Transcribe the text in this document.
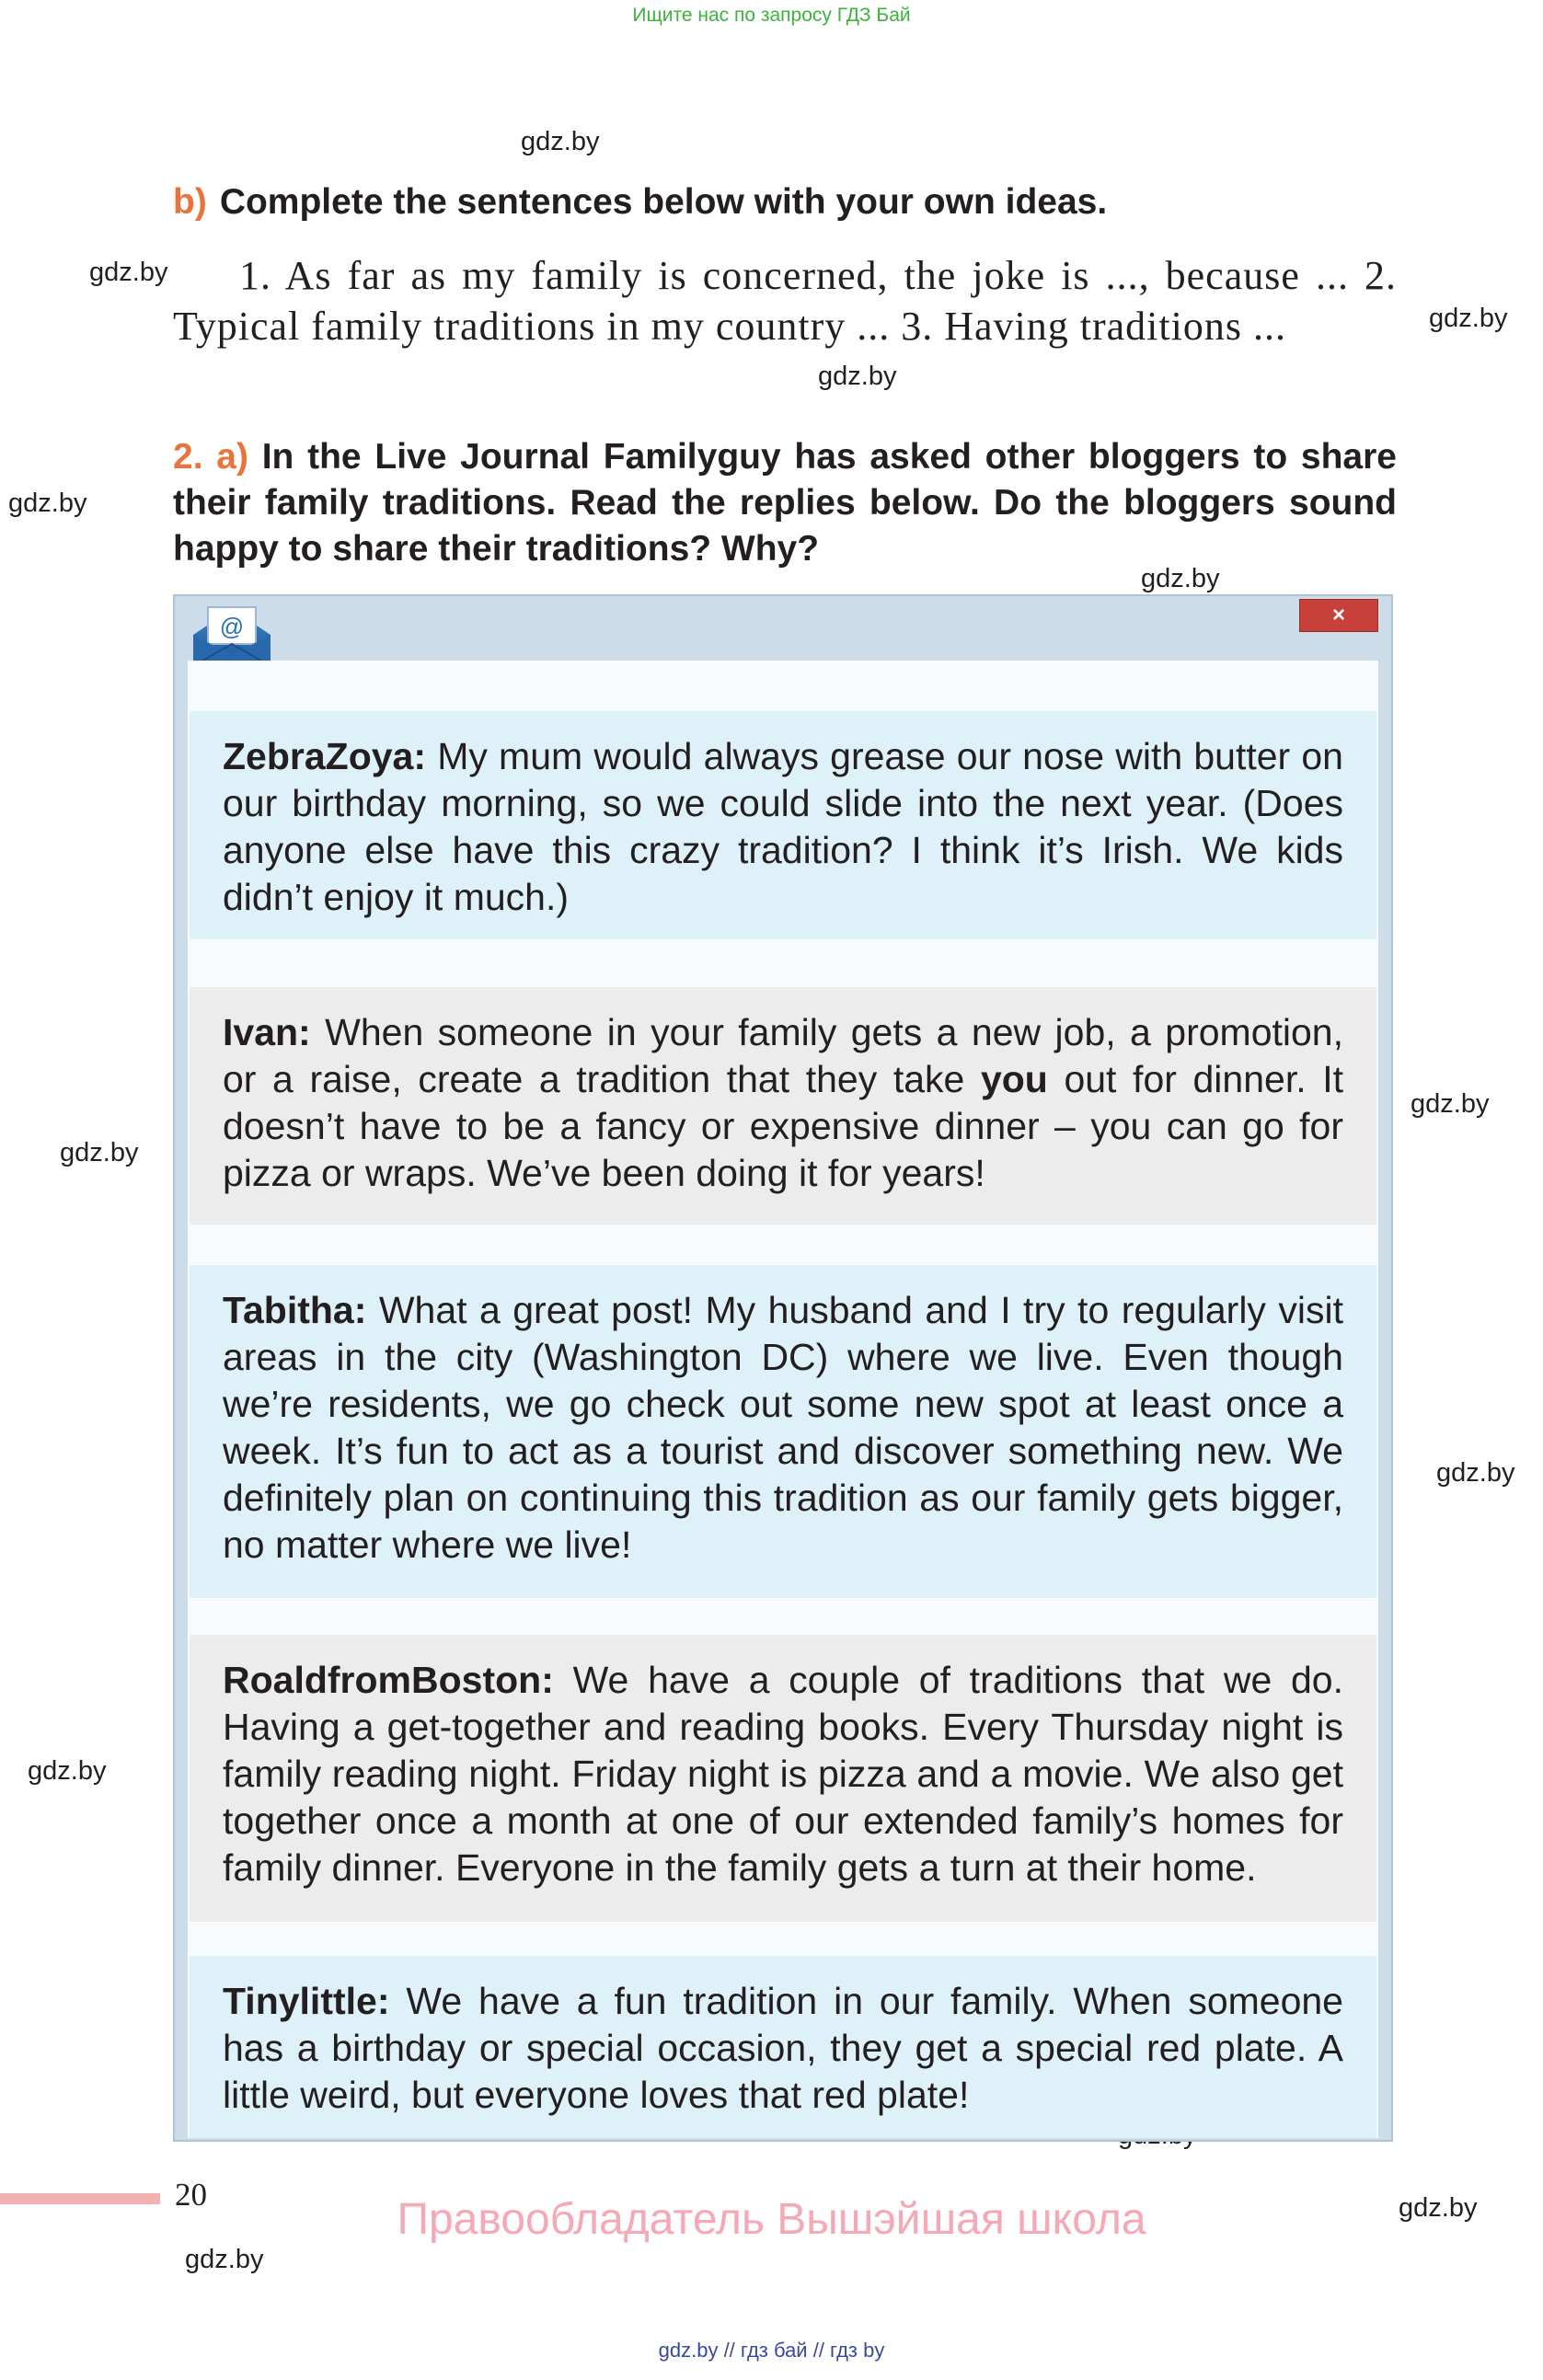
Ищите нас по запросу ГДЗ Бай
gdz.by
gdz.by
gdz.by
gdz.by
gdz.by
gdz.by
gdz.by
gdz.by
gdz.by
gdz.by
gdz.by
gdz.by
b) Complete the sentences below with your own ideas.
1. As far as my family is concerned, the joke is ..., because ... 2. Typical family traditions in my country ... 3. Having traditions ...
2. a) In the Live Journal Familyguy has asked other bloggers to share their family traditions. Read the replies below. Do the bloggers sound happy to share their traditions? Why?
@	×
ZebraZoya: My mum would always grease our nose with butter on our birthday morning, so we could slide into the next year. (Does anyone else have this crazy tradition? I think it’s Irish. We kids didn’t enjoy it much.)
Ivan: When someone in your family gets a new job, a promotion, or a raise, create a tradition that they take you out for dinner. It doesn’t have to be a fancy or expensive dinner – you can go for pizza or wraps. We’ve been doing it for years!
Tabitha: What a great post! My husband and I try to regularly visit areas in the city (Washington DC) where we live. Even though we’re residents, we go check out some new spot at least once a week. It’s fun to act as a tourist and discover something new. We definitely plan on continuing this tradition as our family gets bigger, no matter where we live!
RoaldfromBoston: We have a couple of traditions that we do. Having a get-together and reading books. Every Thursday night is family reading night. Friday night is pizza and a movie. We also get together once a month at one of our extended family’s homes for family dinner. Everyone in the family gets a turn at their home.
Tinylittle: We have a fun tradition in our family. When someone has a birthday or special occasion, they get a special red plate. A little weird, but everyone loves that red plate!
20
Правообладатель Вышэйшая школа
gdz.by // гдз бай // гдз by
